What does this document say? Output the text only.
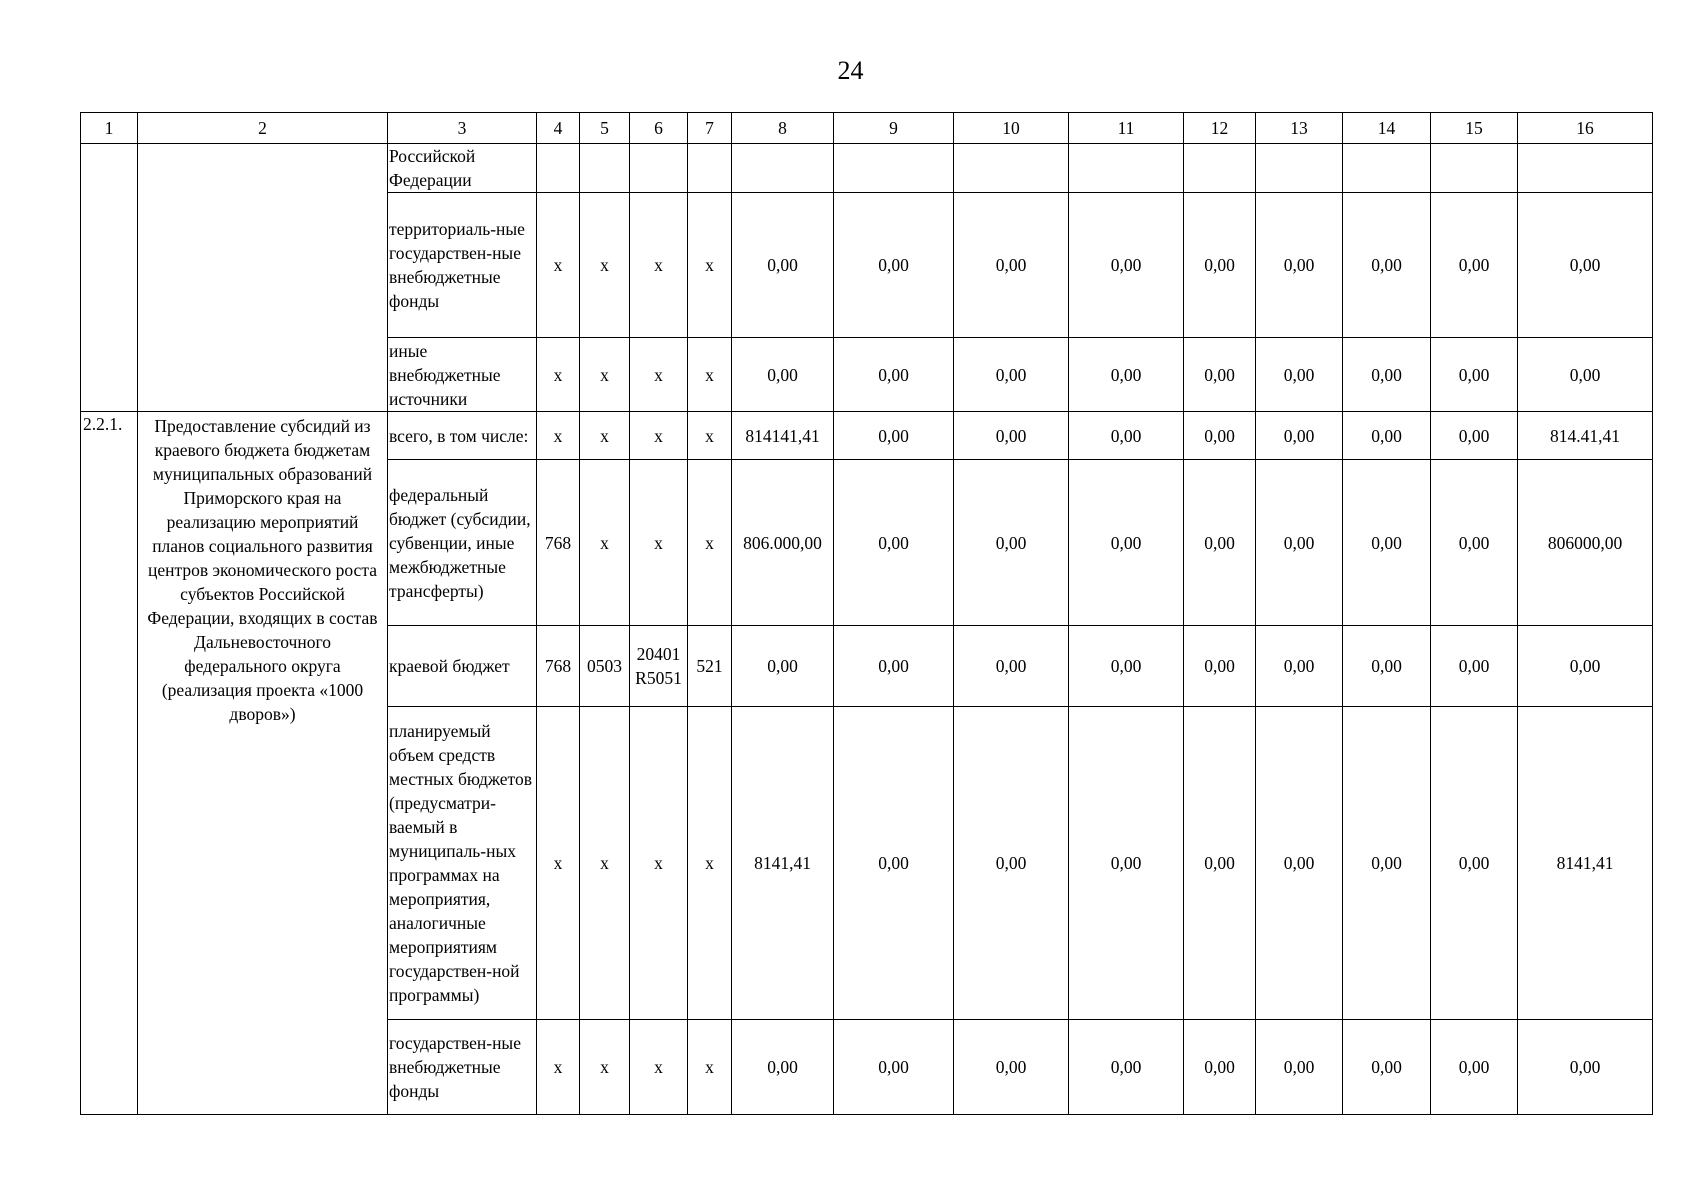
24
1	2	3	4	5	6	7	8	9	10	11	12	13	14	15	16
		Российской Федерации													
		территориаль-ные государствен-ные внебюджетные фонды	x	x	x	x	0,00	0,00	0,00	0,00	0,00	0,00	0,00	0,00	0,00
		иные внебюджетные источники	x	x	x	x	0,00	0,00	0,00	0,00	0,00	0,00	0,00	0,00	0,00
2.2.1.	Предоставление субсидий из краевого бюджета бюджетам муниципальных образований Приморского края на реализацию мероприятий планов социального развития центров экономического роста субъектов Российской Федерации, входящих в состав Дальневосточного федерального округа (реализация проекта «1000 дворов»)	всего, в том числе:	x	x	x	x	814141,41	0,00	0,00	0,00	0,00	0,00	0,00	0,00	814.41,41
		федеральный бюджет (субсидии, субвенции, иные межбюджетные трансферты)	768	x	x	x	806.000,00	0,00	0,00	0,00	0,00	0,00	0,00	0,00	806000,00
		краевой бюджет	768	0503	20401 R5051	521	0,00	0,00	0,00	0,00	0,00	0,00	0,00	0,00	0,00
		планируемый объем средств местных бюджетов (предусматри-ваемый в муниципаль-ных программах на мероприятия, аналогичные мероприятиям государствен-ной программы)	x	x	x	x	8141,41	0,00	0,00	0,00	0,00	0,00	0,00	0,00	8141,41
		государствен-ные внебюджетные фонды	x	x	x	x	0,00	0,00	0,00	0,00	0,00	0,00	0,00	0,00	0,00
